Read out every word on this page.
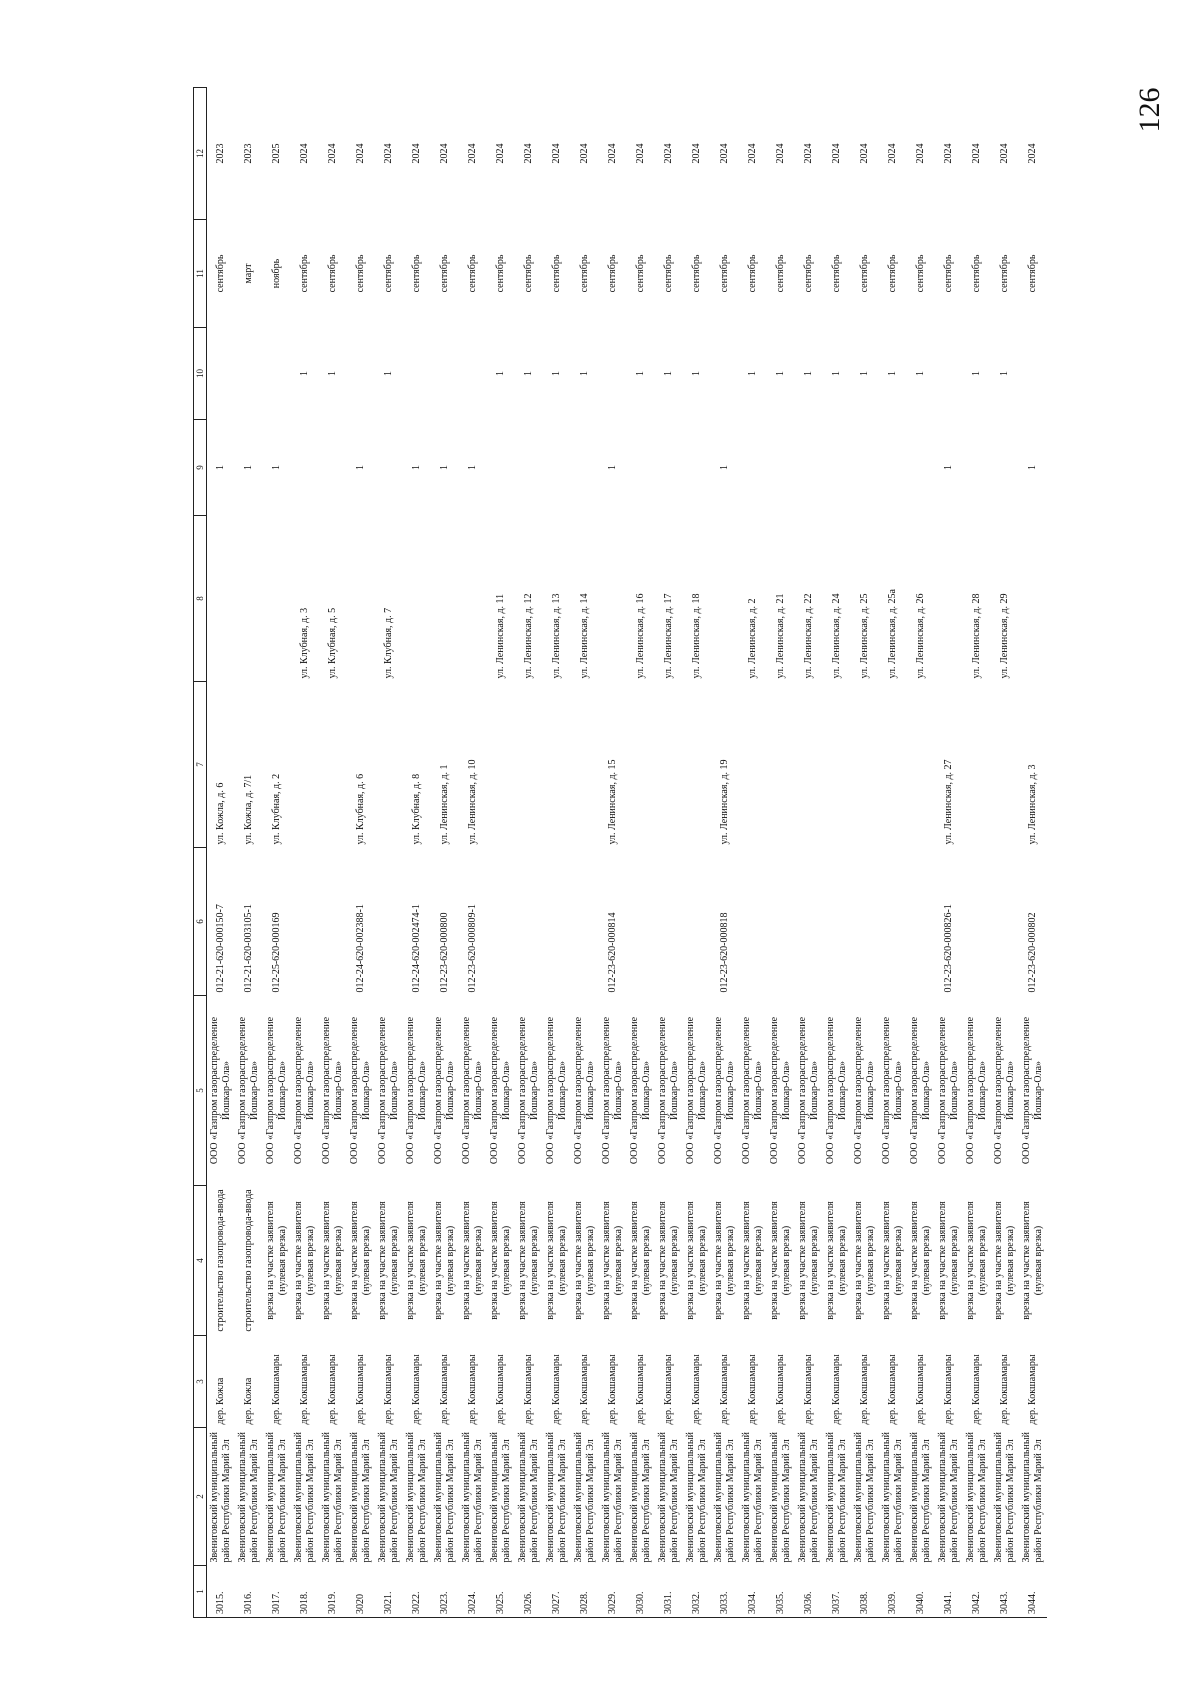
126
1	2	3	4	5	6	7	8	9	10	11	12
3015.	Звениговский муниципальный район Республики Марий Эл	дер. Кожла	строительство газопровода-ввода	ООО «Газпром газораспределение Йошкар-Ола»	012-21-620-000150-7	ул. Кожла, д. 6		1		сентябрь	2023
3016.	Звениговский муниципальный район Республики Марий Эл	дер. Кожла	строительство газопровода-ввода	ООО «Газпром газораспределение Йошкар-Ола»	012-21-620-003105-1	ул. Кожла, д. 7/1		1		март	2023
3017.	Звениговский муниципальный район Республики Марий Эл	дер. Кокшамары	врезка на участке заявителя (нулевая врезка)	ООО «Газпром газораспределение Йошкар-Ола»	012-25-620-000169	ул. Клубная, д. 2		1		ноябрь	2025
3018.	Звениговский муниципальный район Республики Марий Эл	дер. Кокшамары	врезка на участке заявителя (нулевая врезка)	ООО «Газпром газораспределение Йошкар-Ола»			ул. Клубная, д. 3		1	сентябрь	2024
3019.	Звениговский муниципальный район Республики Марий Эл	дер. Кокшамары	врезка на участке заявителя (нулевая врезка)	ООО «Газпром газораспределение Йошкар-Ола»			ул. Клубная, д. 5		1	сентябрь	2024
3020	Звениговский муниципальный район Республики Марий Эл	дер. Кокшамары	врезка на участке заявителя (нулевая врезка)	ООО «Газпром газораспределение Йошкар-Ола»	012-24-620-002388-1	ул. Клубная, д. 6		1		сентябрь	2024
3021.	Звениговский муниципальный район Республики Марий Эл	дер. Кокшамары	врезка на участке заявителя (нулевая врезка)	ООО «Газпром газораспределение Йошкар-Ола»			ул. Клубная, д. 7		1	сентябрь	2024
3022.	Звениговский муниципальный район Республики Марий Эл	дер. Кокшамары	врезка на участке заявителя (нулевая врезка)	ООО «Газпром газораспределение Йошкар-Ола»	012-24-620-002474-1	ул. Клубная, д. 8		1		сентябрь	2024
3023.	Звениговский муниципальный район Республики Марий Эл	дер. Кокшамары	врезка на участке заявителя (нулевая врезка)	ООО «Газпром газораспределение Йошкар-Ола»	012-23-620-000800	ул. Ленинская, д. 1		1		сентябрь	2024
3024.	Звениговский муниципальный район Республики Марий Эл	дер. Кокшамары	врезка на участке заявителя (нулевая врезка)	ООО «Газпром газораспределение Йошкар-Ола»	012-23-620-000809-1	ул. Ленинская, д. 10		1		сентябрь	2024
3025.	Звениговский муниципальный район Республики Марий Эл	дер. Кокшамары	врезка на участке заявителя (нулевая врезка)	ООО «Газпром газораспределение Йошкар-Ола»			ул. Ленинская, д. 11		1	сентябрь	2024
3026.	Звениговский муниципальный район Республики Марий Эл	дер. Кокшамары	врезка на участке заявителя (нулевая врезка)	ООО «Газпром газораспределение Йошкар-Ола»			ул. Ленинская, д. 12		1	сентябрь	2024
3027.	Звениговский муниципальный район Республики Марий Эл	дер. Кокшамары	врезка на участке заявителя (нулевая врезка)	ООО «Газпром газораспределение Йошкар-Ола»			ул. Ленинская, д. 13		1	сентябрь	2024
3028.	Звениговский муниципальный район Республики Марий Эл	дер. Кокшамары	врезка на участке заявителя (нулевая врезка)	ООО «Газпром газораспределение Йошкар-Ола»			ул. Ленинская, д. 14		1	сентябрь	2024
3029.	Звениговский муниципальный район Республики Марий Эл	дер. Кокшамары	врезка на участке заявителя (нулевая врезка)	ООО «Газпром газораспределение Йошкар-Ола»	012-23-620-000814	ул. Ленинская, д. 15		1		сентябрь	2024
3030.	Звениговский муниципальный район Республики Марий Эл	дер. Кокшамары	врезка на участке заявителя (нулевая врезка)	ООО «Газпром газораспределение Йошкар-Ола»			ул. Ленинская, д. 16		1	сентябрь	2024
3031.	Звениговский муниципальный район Республики Марий Эл	дер. Кокшамары	врезка на участке заявителя (нулевая врезка)	ООО «Газпром газораспределение Йошкар-Ола»			ул. Ленинская, д. 17		1	сентябрь	2024
3032.	Звениговский муниципальный район Республики Марий Эл	дер. Кокшамары	врезка на участке заявителя (нулевая врезка)	ООО «Газпром газораспределение Йошкар-Ола»			ул. Ленинская, д. 18		1	сентябрь	2024
3033.	Звениговский муниципальный район Республики Марий Эл	дер. Кокшамары	врезка на участке заявителя (нулевая врезка)	ООО «Газпром газораспределение Йошкар-Ола»	012-23-620-000818	ул. Ленинская, д. 19		1		сентябрь	2024
3034.	Звениговский муниципальный район Республики Марий Эл	дер. Кокшамары	врезка на участке заявителя (нулевая врезка)	ООО «Газпром газораспределение Йошкар-Ола»			ул. Ленинская, д. 2		1	сентябрь	2024
3035.	Звениговский муниципальный район Республики Марий Эл	дер. Кокшамары	врезка на участке заявителя (нулевая врезка)	ООО «Газпром газораспределение Йошкар-Ола»			ул. Ленинская, д. 21		1	сентябрь	2024
3036.	Звениговский муниципальный район Республики Марий Эл	дер. Кокшамары	врезка на участке заявителя (нулевая врезка)	ООО «Газпром газораспределение Йошкар-Ола»			ул. Ленинская, д. 22		1	сентябрь	2024
3037.	Звениговский муниципальный район Республики Марий Эл	дер. Кокшамары	врезка на участке заявителя (нулевая врезка)	ООО «Газпром газораспределение Йошкар-Ола»			ул. Ленинская, д. 24		1	сентябрь	2024
3038.	Звениговский муниципальный район Республики Марий Эл	дер. Кокшамары	врезка на участке заявителя (нулевая врезка)	ООО «Газпром газораспределение Йошкар-Ола»			ул. Ленинская, д. 25		1	сентябрь	2024
3039.	Звениговский муниципальный район Республики Марий Эл	дер. Кокшамары	врезка на участке заявителя (нулевая врезка)	ООО «Газпром газораспределение Йошкар-Ола»			ул. Ленинская, д. 25а		1	сентябрь	2024
3040.	Звениговский муниципальный район Республики Марий Эл	дер. Кокшамары	врезка на участке заявителя (нулевая врезка)	ООО «Газпром газораспределение Йошкар-Ола»			ул. Ленинская, д. 26		1	сентябрь	2024
3041.	Звениговский муниципальный район Республики Марий Эл	дер. Кокшамары	врезка на участке заявителя (нулевая врезка)	ООО «Газпром газораспределение Йошкар-Ола»	012-23-620-000826-1	ул. Ленинская, д. 27		1		сентябрь	2024
3042.	Звениговский муниципальный район Республики Марий Эл	дер. Кокшамары	врезка на участке заявителя (нулевая врезка)	ООО «Газпром газораспределение Йошкар-Ола»			ул. Ленинская, д. 28		1	сентябрь	2024
3043.	Звениговский муниципальный район Республики Марий Эл	дер. Кокшамары	врезка на участке заявителя (нулевая врезка)	ООО «Газпром газораспределение Йошкар-Ола»			ул. Ленинская, д. 29		1	сентябрь	2024
3044.	Звениговский муниципальный район Республики Марий Эл	дер. Кокшамары	врезка на участке заявителя (нулевая врезка)	ООО «Газпром газораспределение Йошкар-Ола»	012-23-620-000802	ул. Ленинская, д. 3		1		сентябрь	2024
